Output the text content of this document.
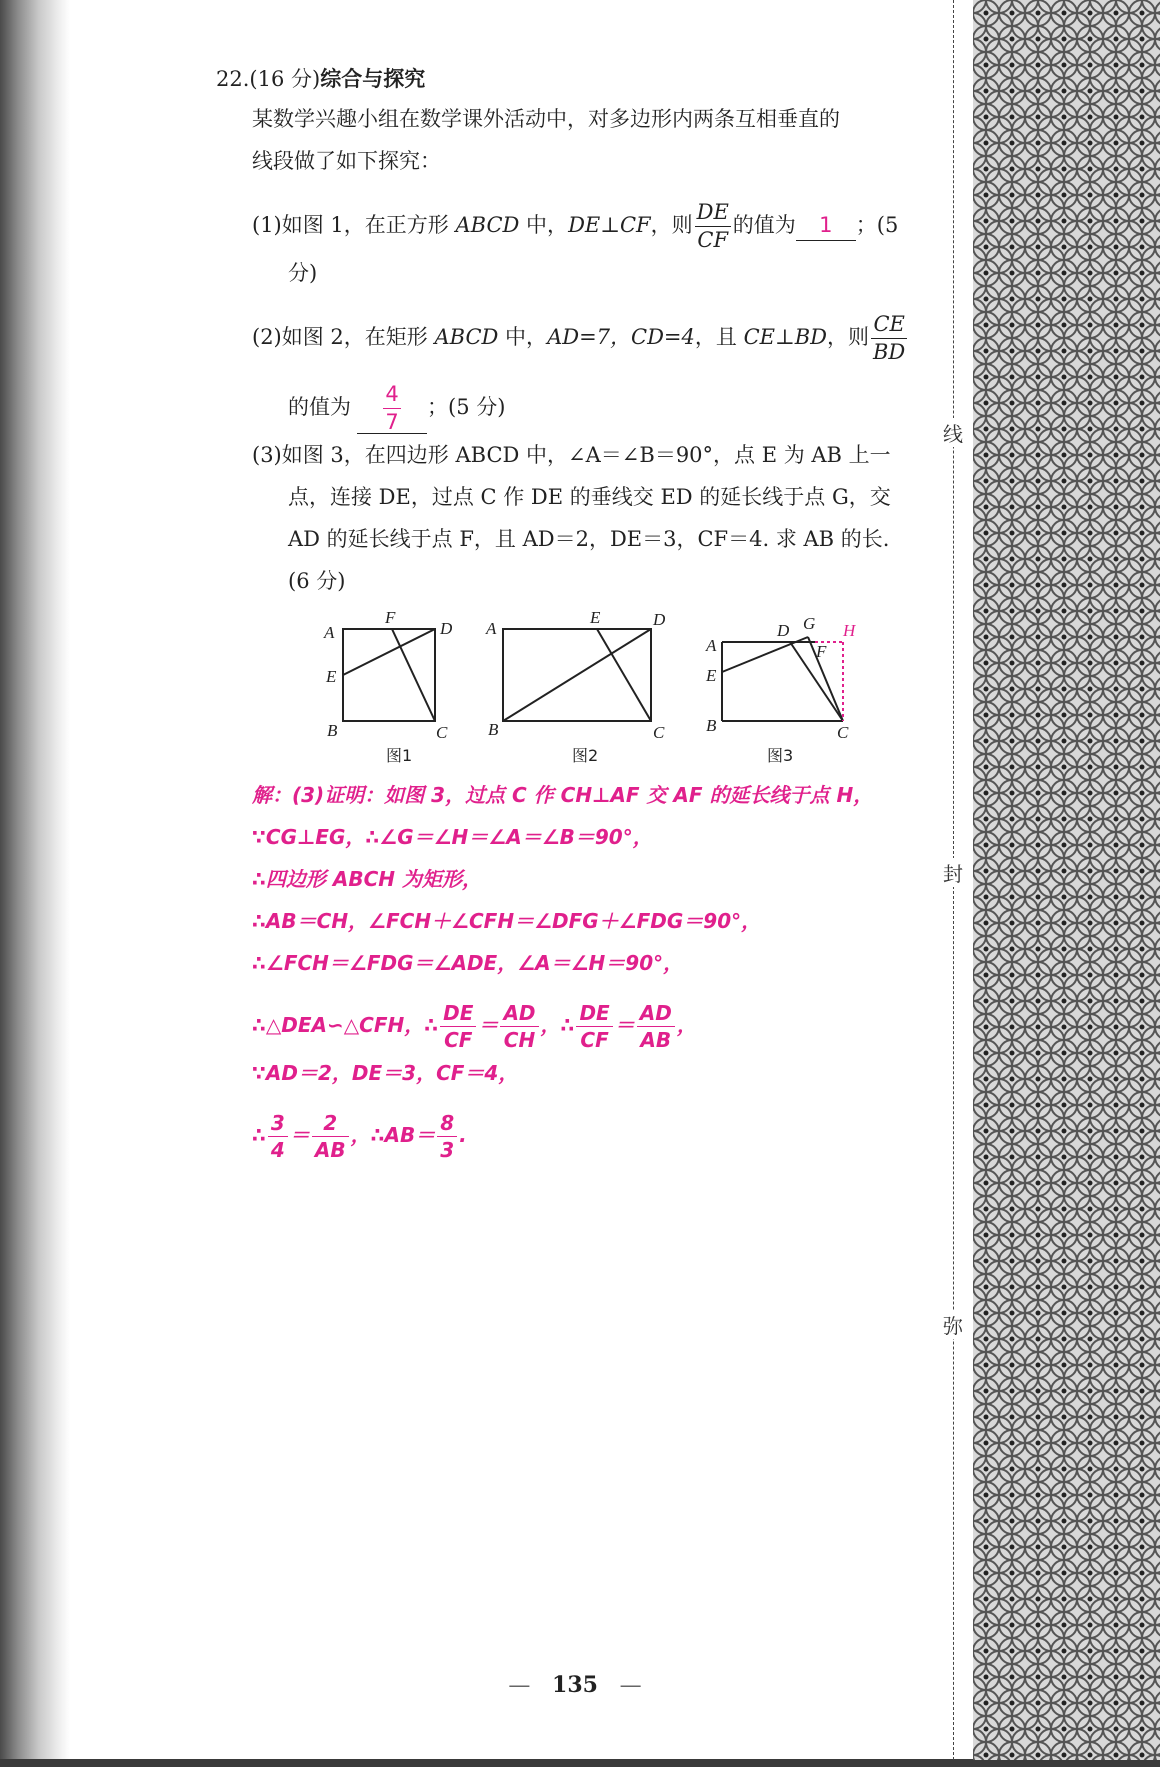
线
封
弥
22.(16 分)综合与探究
某数学兴趣小组在数学课外活动中，对多边形内两条互相垂直的
线段做了如下探究：
(1)如图 1，在正方形 ABCD 中，DE⊥CF，则 $\frac{DE}{CF}$ 的值为 1 ；(5
分)
(2)如图 2，在矩形 ABCD 中，AD=7，CD=4，且 CE⊥BD，则 $\frac{CE}{BD}$
的值为 $\frac{4}{7}$ ；(5 分)
(3)如图 3，在四边形 ABCD 中，∠A＝∠B＝90°，点 E 为 AB 上一
点，连接 DE，过点 C 作 DE 的垂线交 ED 的延长线于点 G，交
AD 的延长线于点 F，且 AD＝2，DE＝3，CF＝4. 求 AB 的长.
(6 分)
A
F
D
E
B	C
图1
A
E	D
B	C
图2
A
D G H
F
E
B	C
图3
解：(3)证明：如图 3，过点 C 作 CH⊥AF 交 AF 的延长线于点 H，
∵CG⊥EG，∴∠G＝∠H＝∠A＝∠B＝90°，
∴四边形 ABCH 为矩形，
∴AB＝CH，∠FCH＋∠CFH＝∠DFG＋∠FDG＝90°，
∴∠FCH＝∠FDG＝∠ADE，∠A＝∠H＝90°，
∴△DEA∽△CFH，∴ $\frac{DE}{CF} = \frac{AD}{CH}$ ，∴ $\frac{DE}{CF} = \frac{AD}{AB}$ ，
∵AD＝2，DE＝3，CF＝4，
∴ $\frac{3}{4} = \frac{2}{AB}$ ，∴AB＝ $\frac{8}{3}$ .
— 135 —
